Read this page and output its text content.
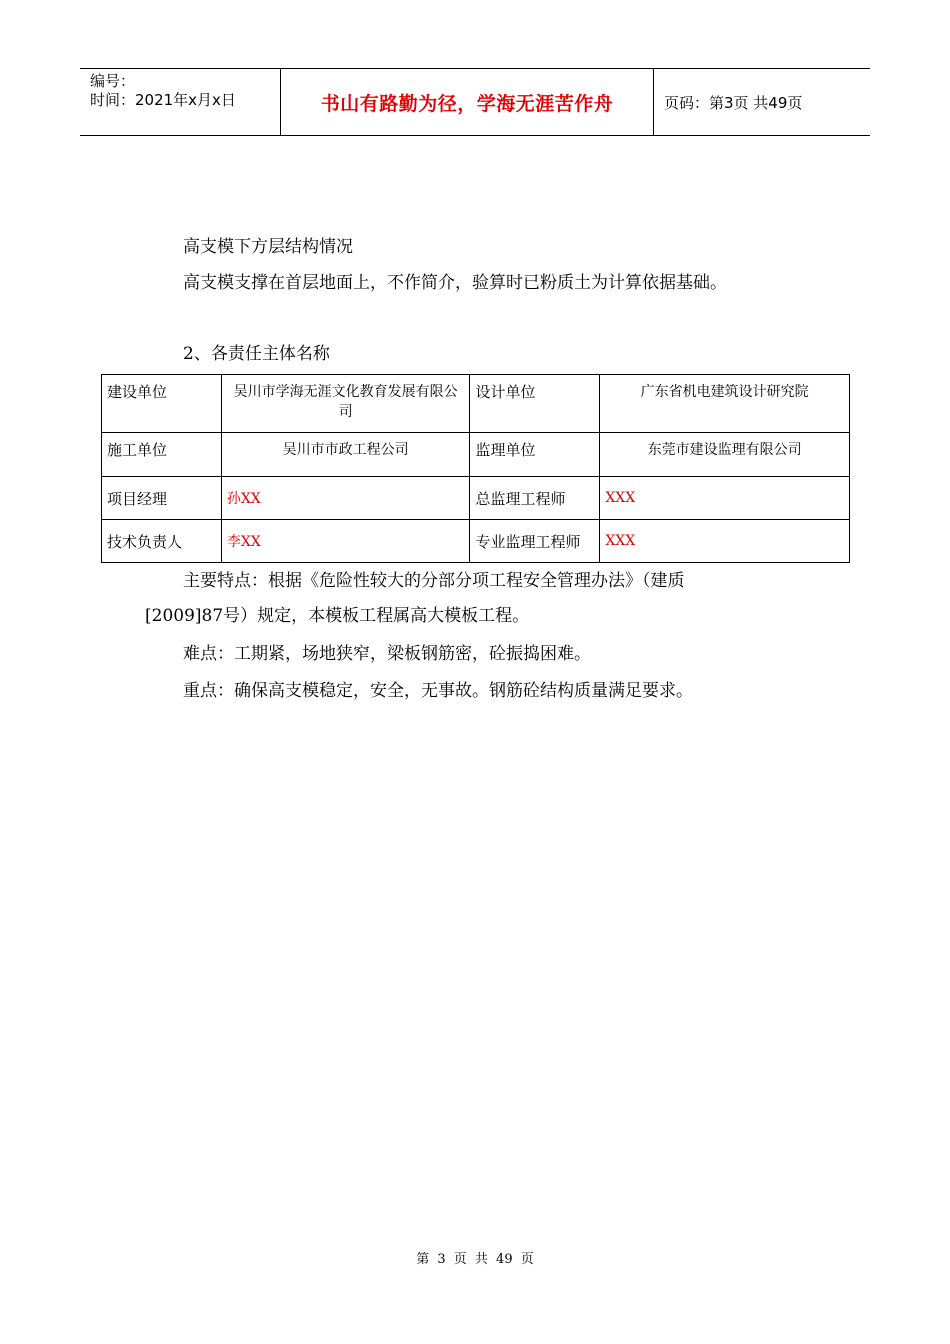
编号：
时间：2021年x月x日	书山有路勤为径，学海无涯苦作舟	页码：第3页 共49页
高支模下方层结构情况
高支模支撑在首层地面上，不作简介，验算时已粉质土为计算依据基础。
2、各责任主体名称
建设单位	吴川市学海无涯文化教育发展有限公司	设计单位	广东省机电建筑设计研究院
施工单位	吴川市市政工程公司	监理单位	东莞市建设监理有限公司
项目经理	孙XX	总监理工程师	XXX
技术负责人	李XX	专业监理工程师	XXX
主要特点：根据《危险性较大的分部分项工程安全管理办法》（建质
[2009]87号）规定，本模板工程属高大模板工程。
难点：工期紧，场地狭窄，梁板钢筋密，砼振捣困难。
重点：确保高支模稳定，安全，无事故。钢筋砼结构质量满足要求。
第 3 页 共 49 页
